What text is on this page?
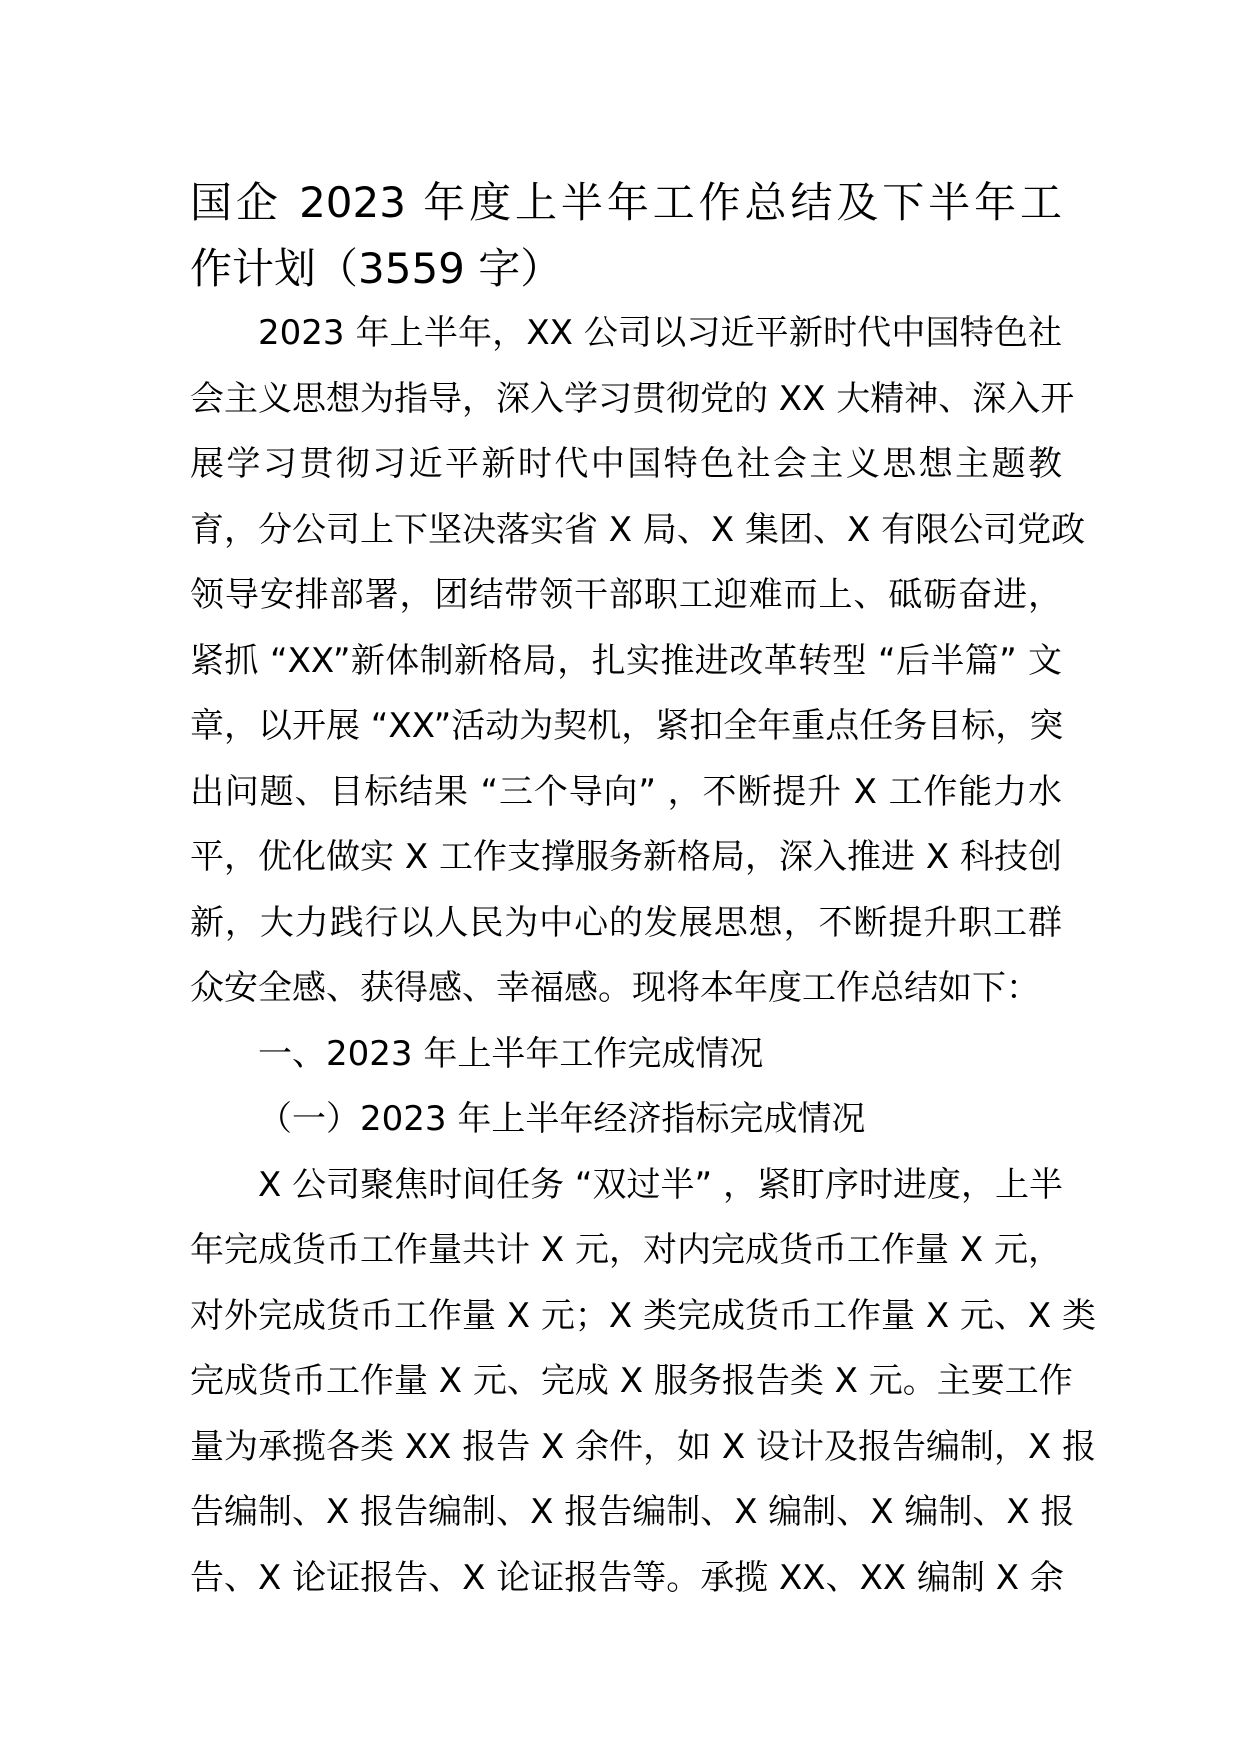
国企 2023 年度上半年工作总结及下半年工
作计划（3559 字）
2023 年上半年，XX 公司以习近平新时代中国特色社
会主义思想为指导，深入学习贯彻党的 XX 大精神、深入开
展学习贯彻习近平新时代中国特色社会主义思想主题教
育，分公司上下坚决落实省 X 局、X 集团、X 有限公司党政
领导安排部署，团结带领干部职工迎难而上、砥砺奋进，
紧抓 “XX”新体制新格局，扎实推进改革转型 “后半篇” 文
章，以开展 “XX”活动为契机，紧扣全年重点任务目标，突
出问题、目标结果 “三个导向” ，不断提升 X 工作能力水
平，优化做实 X 工作支撑服务新格局，深入推进 X 科技创
新，大力践行以人民为中心的发展思想，不断提升职工群
众安全感、获得感、幸福感。现将本年度工作总结如下：
一、2023 年上半年工作完成情况
（一）2023 年上半年经济指标完成情况
X 公司聚焦时间任务 “双过半” ，紧盯序时进度，上半
年完成货币工作量共计 X 元，对内完成货币工作量 X 元，
对外完成货币工作量 X 元；X 类完成货币工作量 X 元、X 类
完成货币工作量 X 元、完成 X 服务报告类 X 元。主要工作
量为承揽各类 XX 报告 X 余件，如 X 设计及报告编制，X 报
告编制、X 报告编制、X 报告编制、X 编制、X 编制、X 报
告、X 论证报告、X 论证报告等。承揽 XX、XX 编制 X 余
